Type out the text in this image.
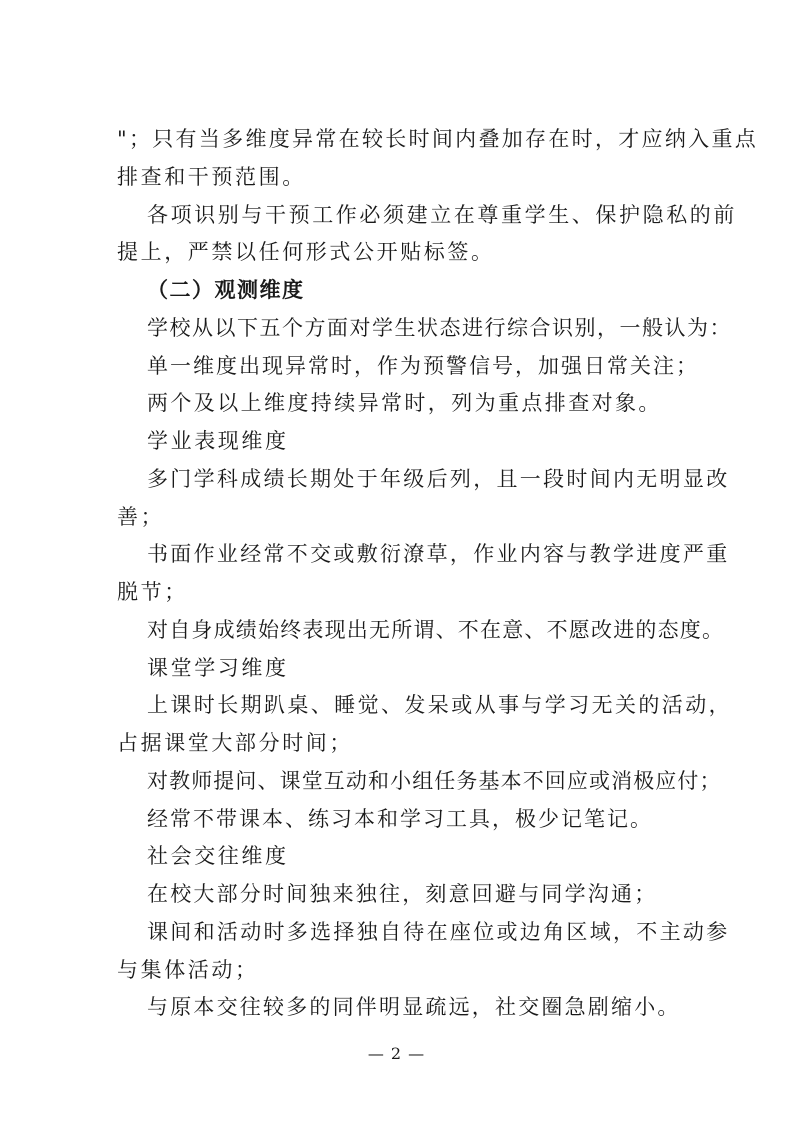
"；只有当多维度异常在较长时间内叠加存在时，才应纳入重点
排查和干预范围。
各项识别与干预工作必须建立在尊重学生、保护隐私的前
提上，严禁以任何形式公开贴标签。
（二）观测维度
学校从以下五个方面对学生状态进行综合识别，一般认为：
单一维度出现异常时，作为预警信号，加强日常关注；
两个及以上维度持续异常时，列为重点排查对象。
学业表现维度
多门学科成绩长期处于年级后列，且一段时间内无明显改
善；
书面作业经常不交或敷衍潦草，作业内容与教学进度严重
脱节；
对自身成绩始终表现出无所谓、不在意、不愿改进的态度。
课堂学习维度
上课时长期趴桌、睡觉、发呆或从事与学习无关的活动，
占据课堂大部分时间；
对教师提问、课堂互动和小组任务基本不回应或消极应付；
经常不带课本、练习本和学习工具，极少记笔记。
社会交往维度
在校大部分时间独来独往，刻意回避与同学沟通；
课间和活动时多选择独自待在座位或边角区域，不主动参
与集体活动；
与原本交往较多的同伴明显疏远，社交圈急剧缩小。
— 2 —
